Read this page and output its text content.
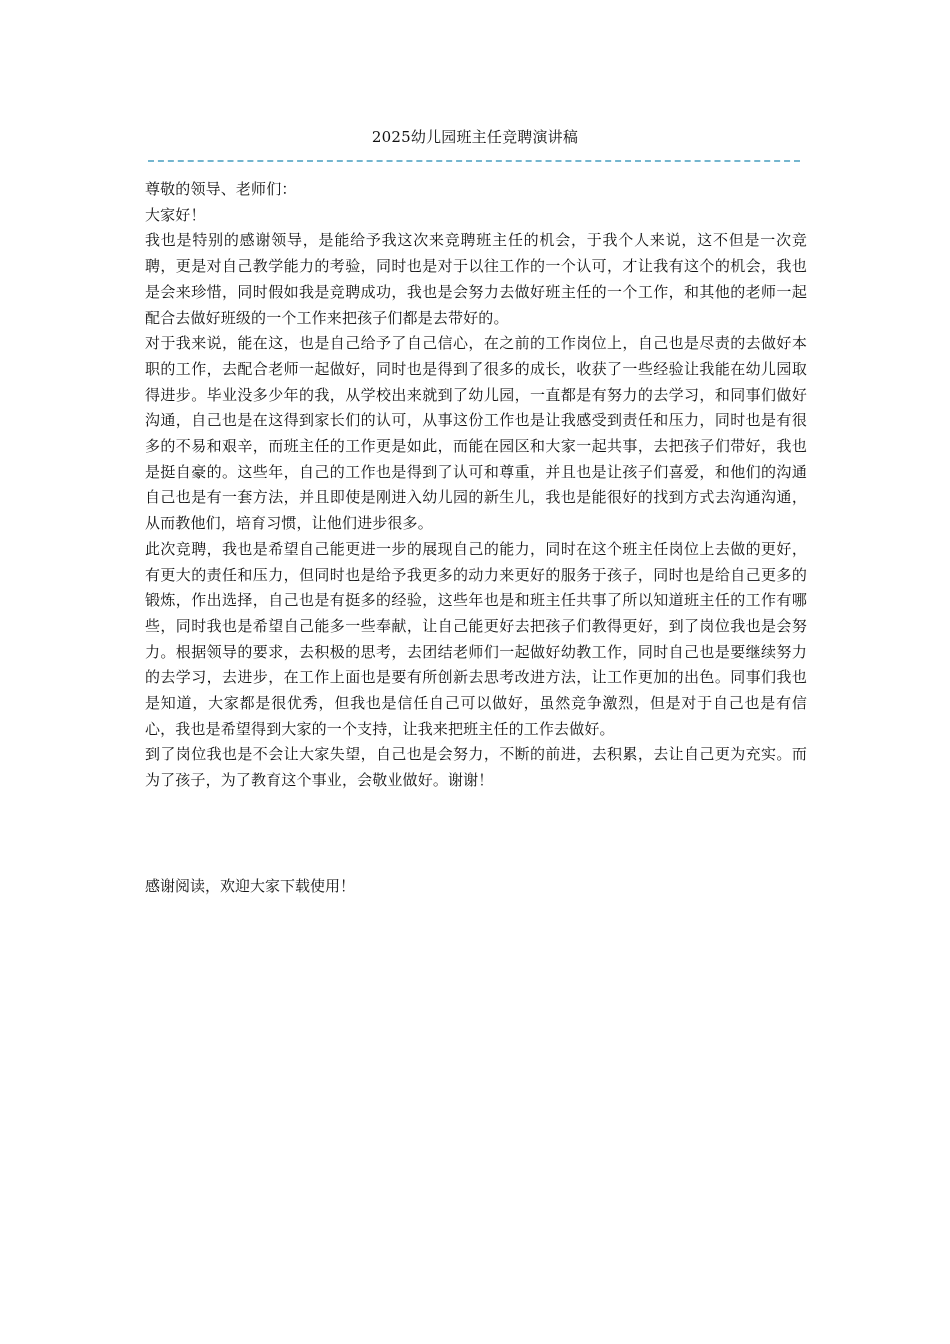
2025幼儿园班主任竞聘演讲稿

尊敬的领导、老师们：

大家好！

我也是特别的感谢领导，是能给予我这次来竞聘班主任的机会，于我个人来说，这不但是一次竞聘，更是对自己教学能力的考验，同时也是对于以往工作的一个认可，才让我有这个的机会，我也是会来珍惜，同时假如我是竞聘成功，我也是会努力去做好班主任的一个工作，和其他的老师一起配合去做好班级的一个工作来把孩子们都是去带好的。

对于我来说，能在这，也是自己给予了自己信心，在之前的工作岗位上，自己也是尽责的去做好本职的工作，去配合老师一起做好，同时也是得到了很多的成长，收获了一些经验让我能在幼儿园取得进步。毕业没多少年的我，从学校出来就到了幼儿园，一直都是有努力的去学习，和同事们做好沟通，自己也是在这得到家长们的认可，从事这份工作也是让我感受到责任和压力，同时也是有很多的不易和艰辛，而班主任的工作更是如此，而能在园区和大家一起共事，去把孩子们带好，我也是挺自豪的。这些年，自己的工作也是得到了认可和尊重，并且也是让孩子们喜爱，和他们的沟通自己也是有一套方法，并且即使是刚进入幼儿园的新生儿，我也是能很好的找到方式去沟通沟通，从而教他们，培育习惯，让他们进步很多。

此次竞聘，我也是希望自己能更进一步的展现自己的能力，同时在这个班主任岗位上去做的更好，有更大的责任和压力，但同时也是给予我更多的动力来更好的服务于孩子，同时也是给自己更多的锻炼，作出选择，自己也是有挺多的经验，这些年也是和班主任共事了所以知道班主任的工作有哪些，同时我也是希望自己能多一些奉献，让自己能更好去把孩子们教得更好，到了岗位我也是会努力。根据领导的要求，去积极的思考，去团结老师们一起做好幼教工作，同时自己也是要继续努力的去学习，去进步，在工作上面也是要有所创新去思考改进方法，让工作更加的出色。同事们我也是知道，大家都是很优秀，但我也是信任自己可以做好，虽然竞争激烈，但是对于自己也是有信心，我也是希望得到大家的一个支持，让我来把班主任的工作去做好。

到了岗位我也是不会让大家失望，自己也是会努力，不断的前进，去积累，去让自己更为充实。而为了孩子，为了教育这个事业，会敬业做好。谢谢！

感谢阅读，欢迎大家下载使用！
